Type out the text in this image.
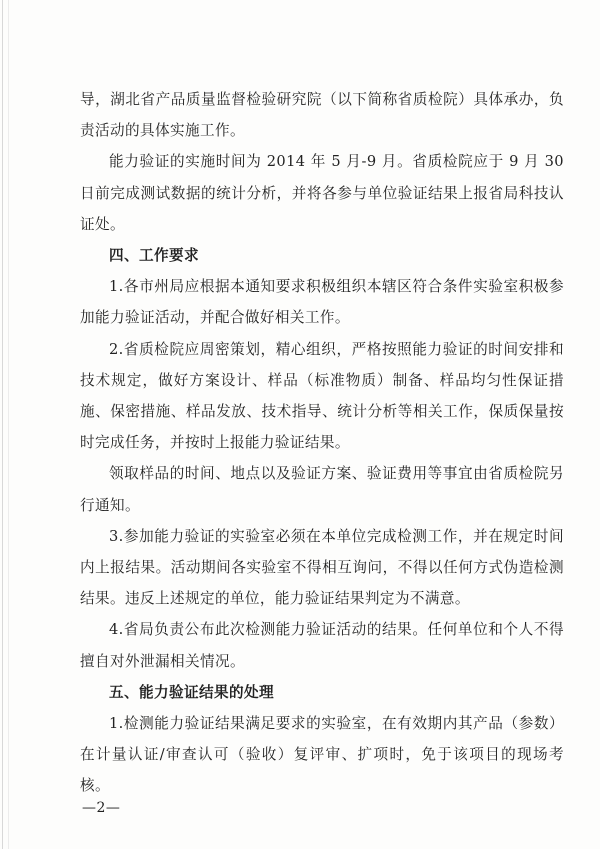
导，湖北省产品质量监督检验研究院（以下简称省质检院）具体承办，负责活动的具体实施工作。

能力验证的实施时间为 2014 年 5 月-9 月。省质检院应于 9 月 30 日前完成测试数据的统计分析，并将各参与单位验证结果上报省局科技认证处。

四、工作要求

1.各市州局应根据本通知要求积极组织本辖区符合条件实验室积极参加能力验证活动，并配合做好相关工作。

2.省质检院应周密策划，精心组织，严格按照能力验证的时间安排和技术规定，做好方案设计、样品（标准物质）制备、样品均匀性保证措施、保密措施、样品发放、技术指导、统计分析等相关工作，保质保量按时完成任务，并按时上报能力验证结果。

领取样品的时间、地点以及验证方案、验证费用等事宜由省质检院另行通知。

3.参加能力验证的实验室必须在本单位完成检测工作，并在规定时间内上报结果。活动期间各实验室不得相互询问，不得以任何方式伪造检测结果。违反上述规定的单位，能力验证结果判定为不满意。

4.省局负责公布此次检测能力验证活动的结果。任何单位和个人不得擅自对外泄漏相关情况。

五、能力验证结果的处理

1.检测能力验证结果满足要求的实验室，在有效期内其产品（参数）在计量认证/审查认可（验收）复评审、扩项时，免于该项目的现场考核。

—2—
